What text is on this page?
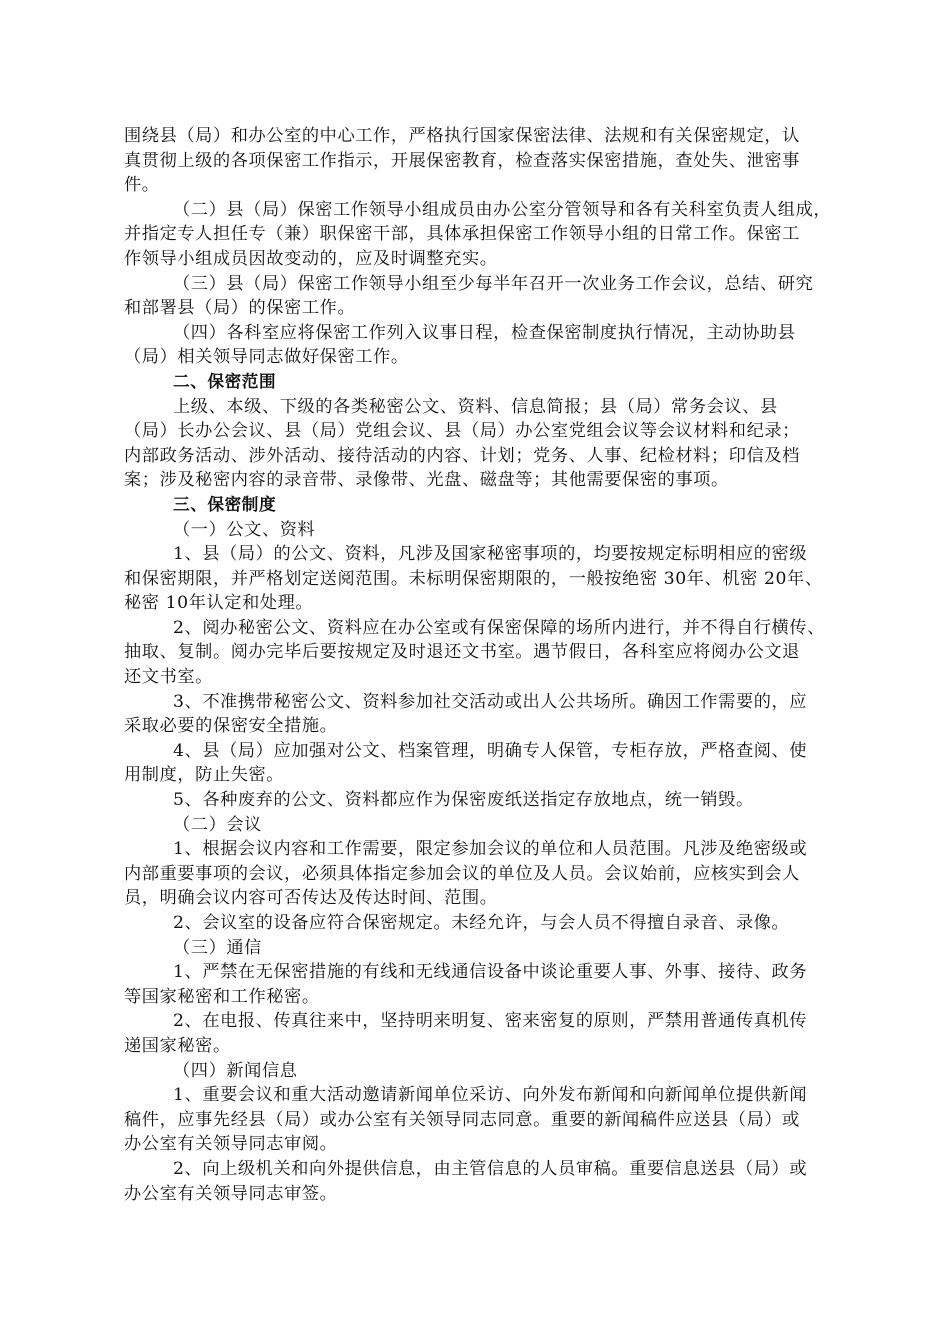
围绕县（局）和办公室的中心工作，严格执行国家保密法律、法规和有关保密规定，认
真贯彻上级的各项保密工作指示，开展保密教育，检查落实保密措施，查处失、泄密事
件。
（二）县（局）保密工作领导小组成员由办公室分管领导和各有关科室负责人组成，
并指定专人担任专（兼）职保密干部，具体承担保密工作领导小组的日常工作。保密工
作领导小组成员因故变动的，应及时调整充实。
（三）县（局）保密工作领导小组至少每半年召开一次业务工作会议，总结、研究
和部署县（局）的保密工作。
（四）各科室应将保密工作列入议事日程，检查保密制度执行情况，主动协助县
（局）相关领导同志做好保密工作。
二、保密范围
上级、本级、下级的各类秘密公文、资料、信息简报；县（局）常务会议、县
（局）长办公会议、县（局）党组会议、县（局）办公室党组会议等会议材料和纪录；
内部政务活动、涉外活动、接待活动的内容、计划；党务、人事、纪检材料；印信及档
案；涉及秘密内容的录音带、录像带、光盘、磁盘等；其他需要保密的事项。
三、保密制度
（一）公文、资料
1、县（局）的公文、资料，凡涉及国家秘密事项的，均要按规定标明相应的密级
和保密期限，并严格划定送阅范围。未标明保密期限的，一般按绝密 30年、机密 20年、
秘密 10年认定和处理。
2、阅办秘密公文、资料应在办公室或有保密保障的场所内进行，并不得自行横传、
抽取、复制。阅办完毕后要按规定及时退还文书室。遇节假日，各科室应将阅办公文退
还文书室。
3、不准携带秘密公文、资料参加社交活动或出人公共场所。确因工作需要的，应
采取必要的保密安全措施。
4、县（局）应加强对公文、档案管理，明确专人保管，专柜存放，严格查阅、使
用制度，防止失密。
5、各种废弃的公文、资料都应作为保密废纸送指定存放地点，统一销毁。
（二）会议
1、根据会议内容和工作需要，限定参加会议的单位和人员范围。凡涉及绝密级或
内部重要事项的会议，必须具体指定参加会议的单位及人员。会议始前，应核实到会人
员，明确会议内容可否传达及传达时间、范围。
2、会议室的设备应符合保密规定。未经允许，与会人员不得擅自录音、录像。
（三）通信
1、严禁在无保密措施的有线和无线通信设备中谈论重要人事、外事、接待、政务
等国家秘密和工作秘密。
2、在电报、传真往来中，坚持明来明复、密来密复的原则，严禁用普通传真机传
递国家秘密。
（四）新闻信息
1、重要会议和重大活动邀请新闻单位采访、向外发布新闻和向新闻单位提供新闻
稿件，应事先经县（局）或办公室有关领导同志同意。重要的新闻稿件应送县（局）或
办公室有关领导同志审阅。
2、向上级机关和向外提供信息，由主管信息的人员审稿。重要信息送县（局）或
办公室有关领导同志审签。
